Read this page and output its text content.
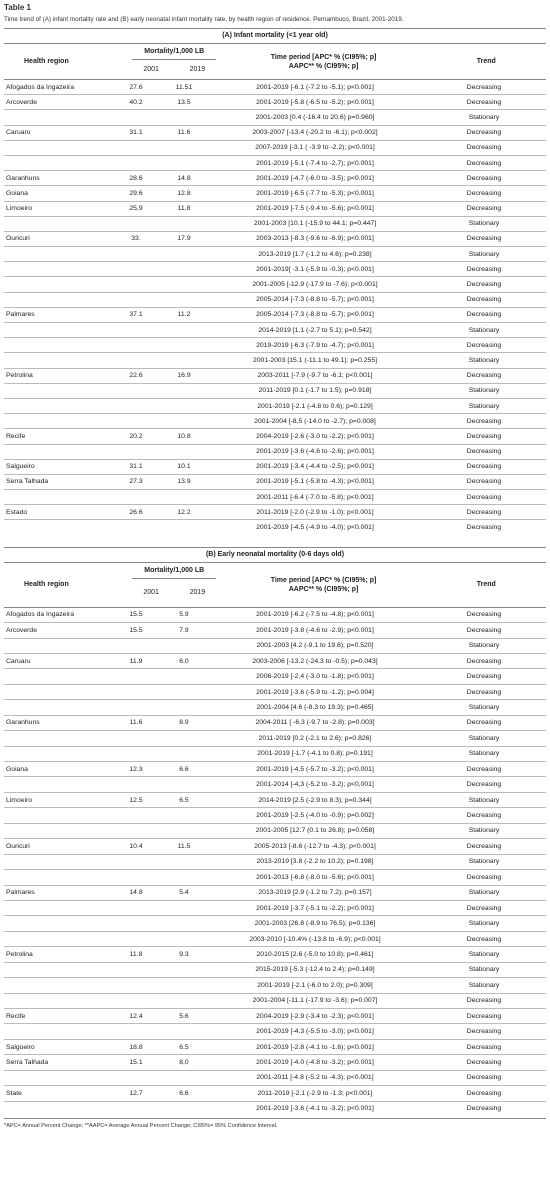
Table 1
Time trend of (A) infant mortality rate and (B) early neonatal infant mortality rate, by health region of residence. Pernambuco, Brazil, 2001-2019.
(A) Infant mortality (<1 year old)
Health region
Mortality/1,000 LB
2001	2019
Time period [APC* % (CI95%; p]
AAPC** % (CI95%; p]
Trend
Afogados da Ingazeira	27.6	11.51	2001-2019 [-6.1 (-7.2 to -5.1); p<0.001]	Decreasing
Arcoverde	40.2	13.5	2001-2019 [-5.8 (-6.5 to -5.2); p<0.001]	Decreasing
2001-2003 [0.4 (-16.4 to 20.6) p=0.960]	Stationary
Caruaru	31.1	11.6	2003-2007 [-13.4 (-20.2 to -6.1); p<0.002]	Decreasing
2007-2019 [-3.1 ( -3.9 to -2.2); p<0.001]	Decreasing
2001-2019 [-5.1 (-7.4 to -2.7); p<0.001]	Decreasing
Garanhuns	28.6	14.8	2001-2019 [-4.7 (-6.0 to -3.5); p<0.001]	Decreasing
Goiana	29.6	12.8	2001-2019 [-6.5 (-7.7 to -5.3); p<0.001]	Decreasing
Limoeiro	25,9	11,8	2001-2019 [-7.5 (-9.4 to -5.6); p<0.001]	Decreasing
2001-2003 [10.1 (-15.9 to 44.1; p=0.447]	Stationary
Ouricuri	33.	17.9	2003-2013 [-8.3 (-9.6 to -6.9); p<0.001]	Decreasing
2013-2019 [1.7 (-1.2 to 4.6); p=0.238]	Stationary
2001-2019[ -3.1 (-5.9 to -0.3); p<0.001]	Decreasing
2001-2005 [-12.9 (-17.9 to -7.6); p<0.001]	Decreasing
2005-2014 [-7.3 (-8.8 to -5.7); p<0.001]	Decreasing
Palmares	37.1	11.2	2005-2014 [-7.3 (-8.8 to -5.7); p<0.001]	Decreasing
2014-2019 [1.1 (-2.7 to 5.1); p=0.542]	Stationary
2019-2019 [-6.3 (-7.9 to -4.7); p<0.001]	Decreasing
2001-2003 [15.1 (-11.1 to 49.1); p=0.255]	Stationary
Petrolina	22.6	16.9	2003-2011 [-7.9 (-9.7 to -6.1; p<0.001]	Decreasing
2011-2019 [0.1 (-1.7 to 1.5); p=0.918]	Stationary
2001-2019 [-2.1 (-4.8 to 0.6); p=0.129]	Stationary
2001-2004 [-8,5 (-14.0 to -2.7); p=0.008]	Decreasing
Recife	20.2	10.8	2004-2019 [-2.6 (-3.0 to -2.2); p<0.001]	Decreasing
2001-2019 [-3.6 (-4.6 to -2.6); p<0.001]	Decreasing
Salgueiro	31.1	10.1	2001-2019 [-3.4 (-4.4 to -2.5); p<0.001]	Decreasing
Serra Talhada	27.3	13.9	2001-2019 [-5.1 (-5.8 to -4.3); p<0.001]	Decreasing
2001-2011 [-6.4 (-7.0 to -5.8); p<0.001]	Decreasing
Estado	26.6	12.2	2011-2019 [-2.0 (-2.9 to -1.0); p<0.001]	Decreasing
2001-2019 [-4.5 (-4.9 to -4.0); p<0.001]	Decreasing
(B) Early neonatal mortality (0-6 days old)
Health region
Mortality/1,000 LB
2001	2019
Time period [APC* % (CI95%; p]
AAPC** % (CI95%; p]
Trend
Afogados da Ingazeira	15.5	5.9	2001-2019 [-6.2 (-7.5 to -4.8); p<0.001]	Decreasing
Arcoverde	15.5	7.9	2001-2019 [-3.8 (-4.6 to -2.9); p<0.001]	Decreasing
2001-2003 [4.2 (-9.1 to 19.6); p=0.520]	Stationary
Caruaru	11.9	6.0	2003-2006 [-13.2 (-24.3 to -0.5); p=0.043]	Decreasing
2006-2019 [-2,4 (-3.0 to -1.8); p<0.001]	Decreasing
2001-2019 [-3.6 (-5.9 to -1.2); p=0.004]	Decreasing
2001-2004 [4.6 (-8.3 to 19.3); p=0.465]	Stationary
Garanhuns	11.6	8.9	2004-2011 [ -6.3 (-9.7 to -2.8); p=0.003]	Decreasing
2011-2019 [0.2 (-2.1 to 2.6); p=0.826]	Stationary
2001-2019 [-1.7 (-4.1 to 0.8); p=0.191]	Stationary
Goiana	12.3	6.6	2001-2019 [-4.5 (-5.7 to -3.2); p<0.001]	Decreasing
2001-2014 [-4,3 (-5.2 to -3.2); p<0,001]	Decreasing
Limoeiro	12.5	6.5	2014-2019 [2.5 (-2.9 to 8.3); p=0.344]	Stationary
2001-2019 [-2.5 (-4.0 to -0.9); p=0.002]	Decreasing
2001-2005 [12.7 (0.1 to 26.8); p=0.058]	Stationary
Ouricuri	10.4	11.5	2005-2013 [-8.6 (-12.7 to -4.3); p<0.001]	Decreasing
2013-2019 [3.8 (-2.2 to 10.2); p=0.198]	Stationary
2001-2013 [-6.8 (-8.0 to -5.6); p<0.001]	Decreasing
Palmares	14.8	5.4	2013-2019 [2.9 (-1.2 to 7.2); p=0.157]	Stationary
2001-2019 [-3.7 (-5.1 to -2.2); p<0.001]	Decreasing
2001-2003 [26.8 (-8.9 to 76.5); p=0.136]	Stationary
2003-2010 [-10.4% (-13.8 to -6.9); p<0.001]	Decreasing
Petrolina	11.8	9.3	2010-2015 [2.6 (-5.0 to 10.8); p=0.461]	Stationary
2015-2019 [-5.3 (-12.4 to 2.4); p=0.149]	Stationary
2001-2019 [-2.1 (-6.0 to 2.0); p=0.309]	Stationary
2001-2004 [-11.1 (-17.9 to -3.6); p=0.007]	Decreasing
Recife	12.4	5.6	2004-2019 [-2.9 (-3.4 to -2.3); p<0.001]	Decreasing
2001-2019 [-4.3 (-5.5 to -3.0); p<0.001]	Decreasing
Salgueiro	18.8	6.5	2001-2019 [-2.8 (-4.1 to -1.6); p<0.001]	Decreasing
Serra Talhada	15.1	8,0	2001-2019 [-4.0 (-4.8 to -3.2); p<0.001]	Decreasing
2001-2011 [-4.8 (-5.2 to -4.3); p<0.001]	Decreasing
State	12.7	6.6	2011-2019 [-2.1 (-2.9 to -1.3; p<0.001]	Decreasing
2001-2019 [-3.6 (-4.1 to -3.2); p<0.001]	Decreasing
*APC= Annual Percent Change; **AAPC= Average Annual Percent Change; CI95%= 95% Confidence Interval.
